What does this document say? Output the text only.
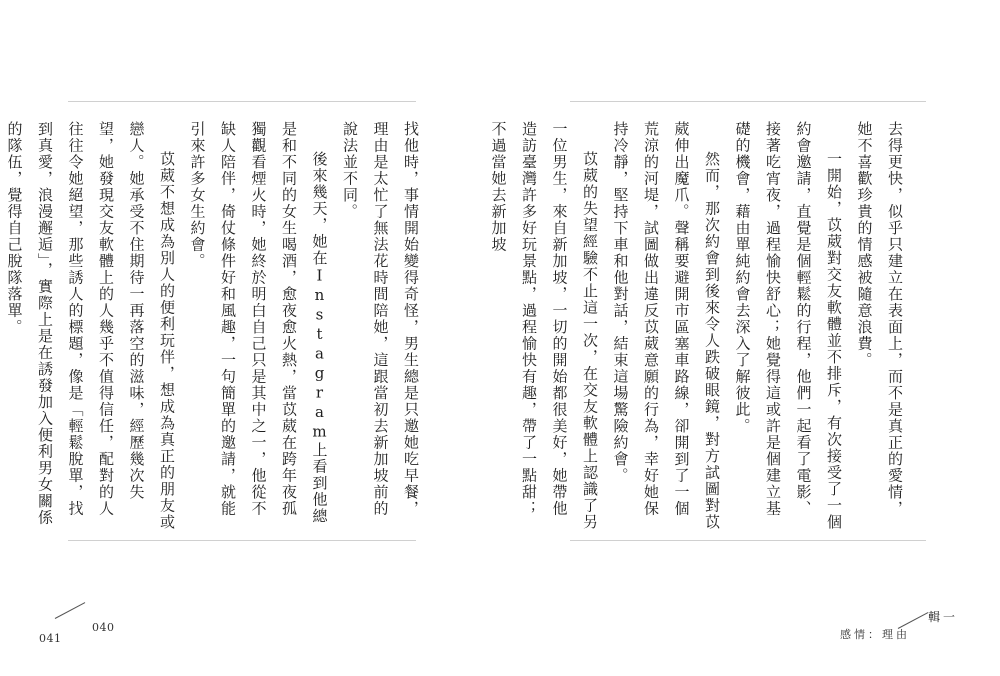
找他時，事情開始變得奇怪，男生總是只邀她吃早餐，理由是太忙了無法花時間陪她，這跟當初去新加坡前的說法並不同。

後來幾天，她在Instagram上看到他總是和不同的女生喝酒，愈夜愈火熱，當苡葳在跨年夜孤獨觀看煙火時，她終於明白自己只是其中之一，他從不缺人陪伴，倚仗條件好和風趣，一句簡單的邀請，就能引來許多女生約會。

苡葳不想成為別人的便利玩伴，想成為真正的朋友或戀人。她承受不住期待一再落空的滋味，經歷幾次失望，她發現交友軟體上的人幾乎不值得信任，配對的人往往令她絕望，那些誘人的標題，像是「輕鬆脫單，找到真愛，浪漫邂逅」，實際上是在誘發加入便利男女關係的隊伍，覺得自己脫隊落單。

041
040

去得更快，似乎只建立在表面上，而不是真正的愛情，她不喜歡珍貴的情感被隨意浪費。

一開始，苡葳對交友軟體並不排斥，有次接受了一個約會邀請，直覺是個輕鬆的行程，他們一起看了電影、接著吃宵夜，過程愉快舒心；她覺得這或許是個建立基礎的機會，藉由單純約會去深入了解彼此。

然而，那次約會到後來令人跌破眼鏡，對方試圖對苡葳伸出魔爪。聲稱要避開市區塞車路線，卻開到了一個荒涼的河堤，試圖做出違反苡葳意願的行為，幸好她保持冷靜，堅持下車和他對話，結束這場驚險約會。

苡葳的失望經驗不止這一次，在交友軟體上認識了另一位男生，來自新加坡，一切的開始都很美好，她帶他造訪臺灣許多好玩景點，過程愉快有趣，帶了一點甜；不過當她去新加坡

輯一
感情：理由
